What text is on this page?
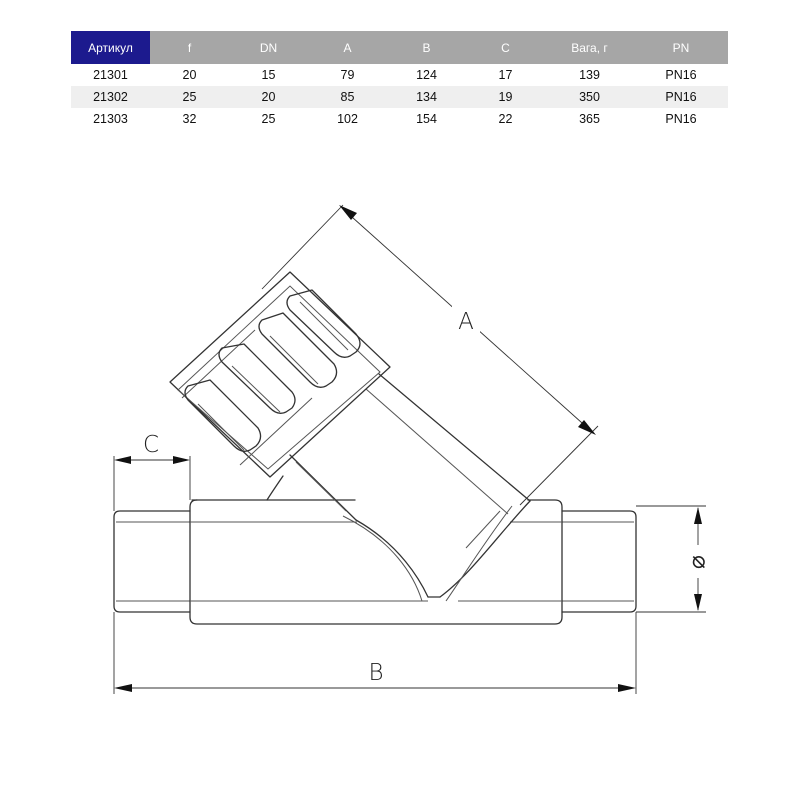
Артикул	f	DN	A	B	C	Вага, г	PN
21301	20	15	79	124	17	139	PN16
21302	25	20	85	134	19	350	PN16
21303	32	25	102	154	22	365	PN16
A
C
⌀
B
